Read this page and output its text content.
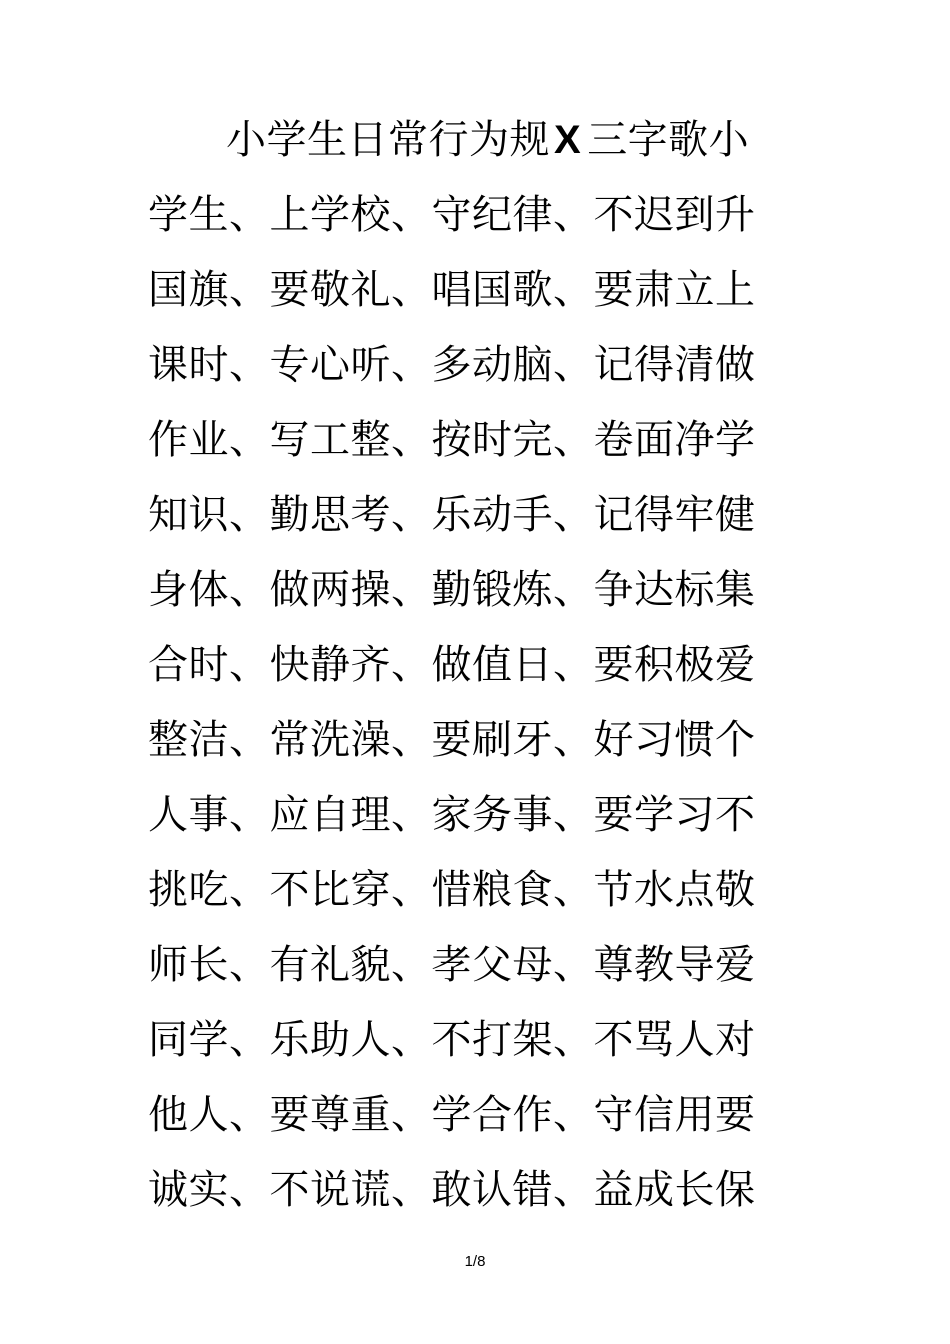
小学生日常行为规 X 三字歌小
学生、上学校、守纪律、不迟到升
国旗、要敬礼、唱国歌、要肃立上
课时、专心听、多动脑、记得清做
作业、写工整、按时完、卷面净学
知识、勤思考、乐动手、记得牢健
身体、做两操、勤锻炼、争达标集
合时、快静齐、做值日、要积极爱
整洁、常洗澡、要刷牙、好习惯个
人事、应自理、家务事、要学习不
挑吃、不比穿、惜粮食、节水点敬
师长、有礼貌、孝父母、尊教导爱
同学、乐助人、不打架、不骂人对
他人、要尊重、学合作、守信用要
诚实、不说谎、敢认错、益成长保
1/8
